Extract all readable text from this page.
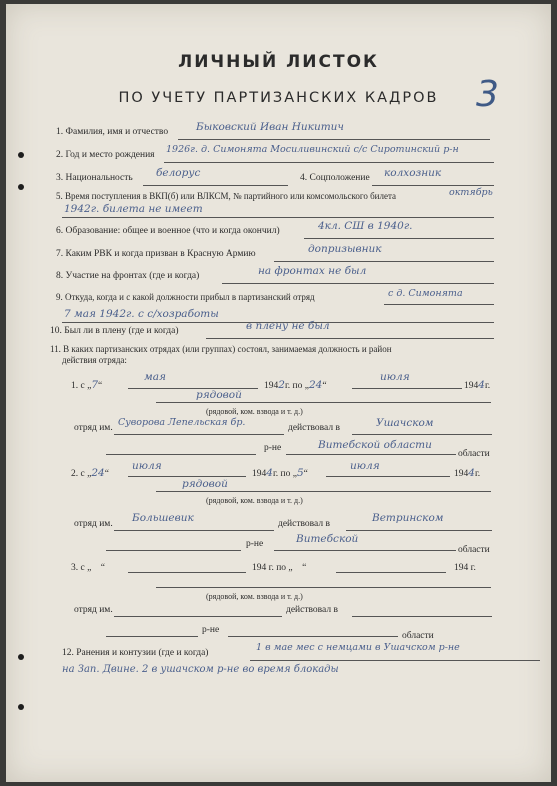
ЛИЧНЫЙ ЛИСТОК
ПО УЧЕТУ ПАРТИЗАНСКИХ КАДРОВ	3
1. Фамилия, имя и отчество	Быковский Иван Никитич
2. Год и место рождения 1926г. д. Симонята Мосиливинский с/с Сиротинский р-н
3. Национальность белорус	4. Соцположение колхозник
5. Время поступления в ВКП(б) или ВЛКСМ, № партийного или комсомольского билета	октябрь
1942г. билета не имеет
6. Образование: общее и военное (что и когда окончил)	4кл. СШ в 1940г.
7. Каким РВК и когда призван в Красную Армию	допризывник
8. Участие на фронтах (где и когда)	на фронтах не был
9. Откуда, когда и с какой должности прибыл в партизанский отряд	с д. Симонята
7 мая 1942г. с с/хозработы
10. Был ли в плену (где и когда)	в плену не был
11. В каких партизанских отрядах (или группах) состоял, занимаемая должность и район
действия отряда:
1. с „7“
мая
1942г. по „24“
июля
1944г.
рядовой
(рядовой, ком. взвода и т. д.)
отряд им. Суворова Лепельская бр.	действовал в	Ушачском
р-не	Витебской области
области
2. с „24“
июля
1944г. по „5“
июля
1944г.
рядовой
(рядовой, ком. взвода и т. д.)
отряд им. Большевик	действовал в	Ветринском
р-не	Витебской
области
3. с „    “	194 г. по „    “	194 г.
(рядовой, ком. взвода и т. д.)
отряд им.	действовал в
р-не
области
12. Ранения и контузии (где и когда)	1 в мае мес с немцами в Ушачском р-не
на Зап. Двине. 2 в ушачском р-не во время блокады
